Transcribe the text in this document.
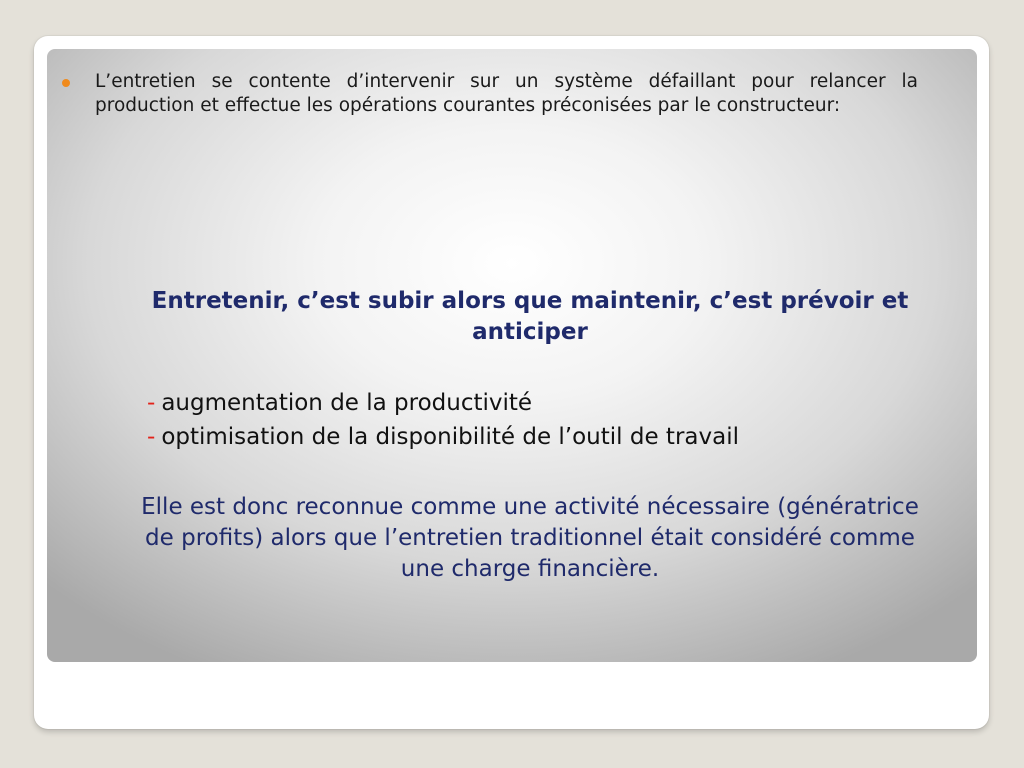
L’entretien se contente d’intervenir sur un système défaillant pour relancer la production et effectue les opérations courantes préconisées par le constructeur:
Entretenir, c’est subir alors que maintenir, c’est prévoir et anticiper
- augmentation de la productivité
- optimisation de la disponibilité de l’outil de travail
Elle est donc reconnue comme une activité nécessaire (génératrice de profits) alors que l’entretien traditionnel était considéré comme une charge financière.
